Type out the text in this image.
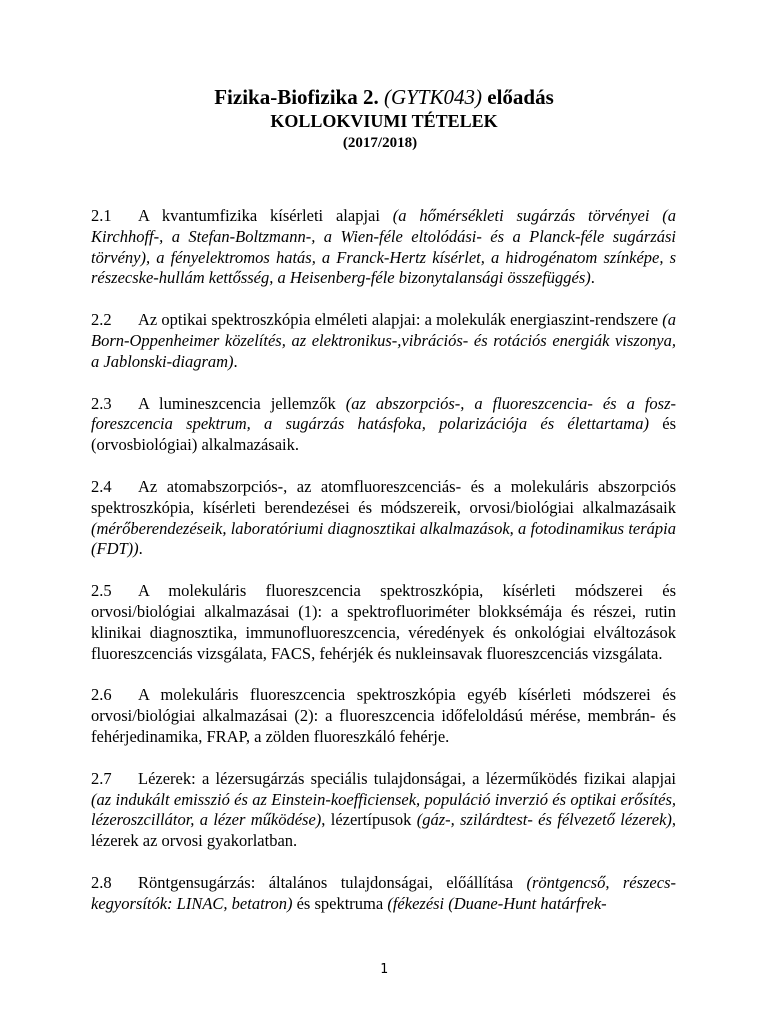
Fizika-Biofizika 2. (GYTK043) előadás
KOLLOKVIUMI TÉTELEK
(2017/2018)

2.1 A kvantumfizika kísérleti alapjai (a hőmérsékleti sugárzás törvényei (a Kirchhoff-, a Stefan-Boltzmann-, a Wien-féle eltolódási- és a Planck-féle sugárzási törvény), a fényelektromos hatás, a Franck-Hertz kísérlet, a hidrogénatom színképe, s részecske-hullám kettősség, a Heisenberg-féle bizonytalansági összefüggés).

2.2 Az optikai spektroszkópia elméleti alapjai: a molekulák energiaszint-rendszere (a Born-Oppenheimer közelítés, az elektronikus-,vibrációs- és rotációs energiák viszonya, a Jablonski-diagram).

2.3 A lumineszcencia jellemzők (az abszorpciós-, a fluoreszcencia- és a foszforeszcencia spektrum, a sugárzás hatásfoka, polarizációja és élettartama) és (orvosbiológiai) alkalmazásaik.

2.4 Az atomabszorpciós-, az atomfluoreszcenciás- és a molekuláris abszorpciós spektroszkópia, kísérleti berendezései és módszereik, orvosi/biológiai alkalmazásaik (mérőberendezéseik, laboratóriumi diagnosztikai alkalmazások, a fotodinamikus terápia (FDT)).

2.5 A molekuláris fluoreszcencia spektroszkópia, kísérleti módszerei és orvosi/biológiai alkalmazásai (1): a spektrofluoriméter blokksémája és részei, rutin klinikai diagnosztika, immunofluoreszcencia, véredények és onkológiai elváltozások fluoreszcenciás vizsgálata, FACS, fehérjék és nukleinsavak fluoreszcenciás vizsgálata.

2.6 A molekuláris fluoreszcencia spektroszkópia egyéb kísérleti módszerei és orvosi/biológiai alkalmazásai (2): a fluoreszcencia időfeloldású mérése, membrán- és fehérjedinamika, FRAP, a zölden fluoreszkáló fehérje.

2.7 Lézerek: a lézersugárzás speciális tulajdonságai, a lézerműködés fizikai alapjai (az indukált emisszió és az Einstein-koefficiensek, populáció inverzió és optikai erősítés, lézeroszcillátor, a lézer működése), lézertípusok (gáz-, szilárdtest- és félvezető lézerek), lézerek az orvosi gyakorlatban.

2.8 Röntgensugárzás: általános tulajdonságai, előállítása (röntgencső, részecskegyorsítók: LINAC, betatron) és spektruma (fékezési (Duane-Hunt határfrek-

1
